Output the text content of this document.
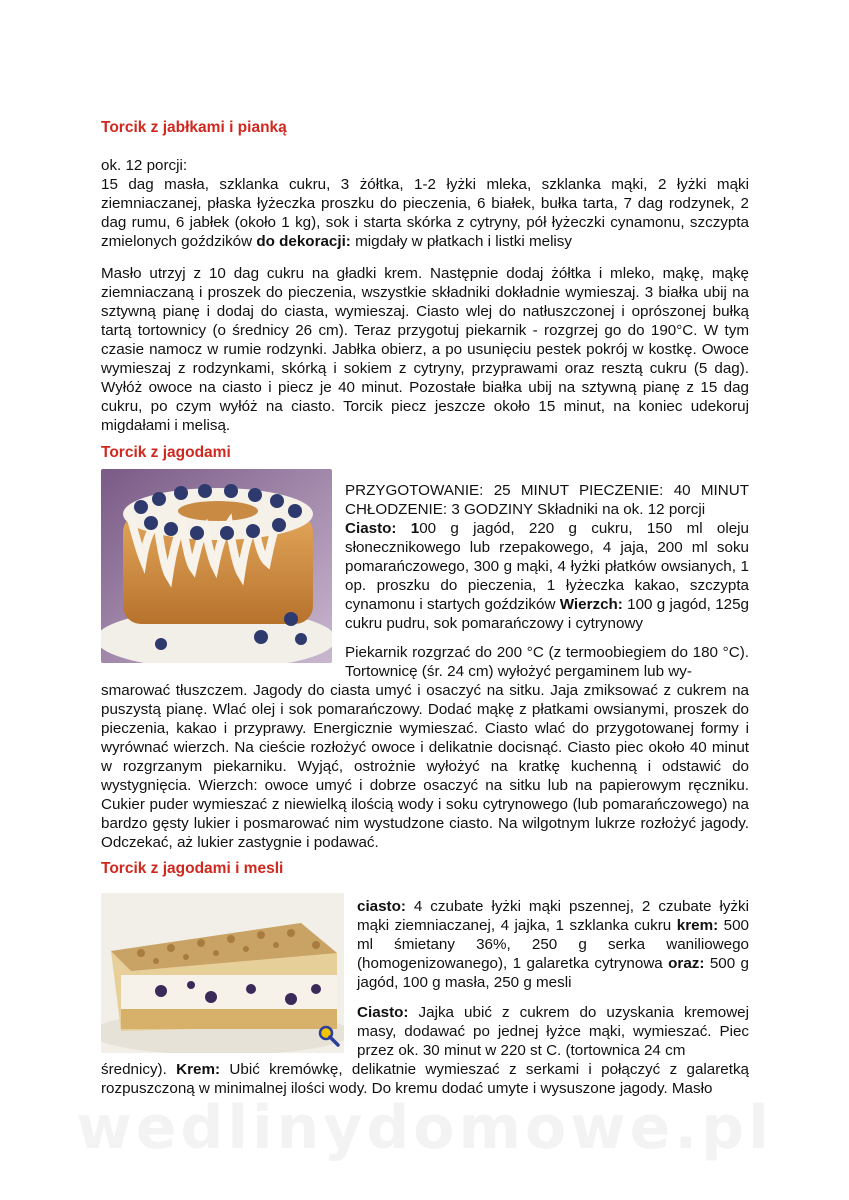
Torcik z jabłkami i pianką

ok. 12 porcji:

15 dag masła, szklanka cukru, 3 żółtka, 1-2 łyżki mleka, szklanka mąki, 2 łyżki mąki ziemniaczanej, płaska łyżeczka proszku do pieczenia, 6 białek, bułka tarta, 7 dag rodzynek, 2 dag rumu, 6 jabłek (około 1 kg), sok i starta skórka z cytryny, pół łyżeczki cynamonu, szczypta zmielonych goździków do dekoracji: migdały w płatkach i listki melisy

Masło utrzyj z 10 dag cukru na gładki krem. Następnie dodaj żółtka i mleko, mąkę, mąkę ziemniaczaną i proszek do pieczenia, wszystkie składniki dokładnie wymieszaj. 3 białka ubij na sztywną pianę i dodaj do ciasta, wymieszaj. Ciasto wlej do natłuszczonej i oprószonej bułką tartą tortownicy (o średnicy 26 cm). Teraz przygotuj piekarnik - rozgrzej go do 190°C. W tym czasie namocz w rumie rodzynki. Jabłka obierz, a po usunięciu pestek pokrój w kostkę. Owoce wymieszaj z rodzynkami, skórką i sokiem z cytryny, przyprawami oraz resztą cukru (5 dag). Wyłóż owoce na ciasto i piecz je 40 minut. Pozostałe białka ubij na sztywną pianę z 15 dag cukru, po czym wyłóż na ciasto. Torcik piecz jeszcze około 15 minut, na koniec udekoruj migdałami i melisą.

Torcik z jagodami

PRZYGOTOWANIE: 25 MINUT PIECZENIE: 40 MINUT CHŁODZENIE: 3 GODZINY Składniki na ok. 12 porcji

Ciasto: 100 g jagód, 220 g cukru, 150 ml oleju słonecznikowego lub rzepakowego, 4 jaja, 200 ml soku pomarańczowego, 300 g mąki, 4 łyżki płatków owsianych, 1 op. proszku do pieczenia, 1 łyżeczka kakao, szczypta cynamonu i startych goździków Wierzch: 100 g jagód, 125g cukru pudru, sok pomarańczowy i cytrynowy

Piekarnik rozgrzać do 200 °C (z termoobiegiem do 180 °C). Tortownicę (śr. 24 cm) wyłożyć pergaminem lub wy-

smarować tłuszczem. Jagody do ciasta umyć i osaczyć na sitku. Jaja zmiksować z cukrem na puszystą pianę. Wlać olej i sok pomarańczowy. Dodać mąkę z płatkami owsianymi, proszek do pieczenia, kakao i przyprawy. Energicznie wymieszać. Ciasto wlać do przygotowanej formy i wyrównać wierzch. Na cieście rozłożyć owoce i delikatnie docisnąć. Ciasto piec około 40 minut w rozgrzanym piekarniku. Wyjąć, ostrożnie wyłożyć na kratkę kuchenną i odstawić do wystygnięcia. Wierzch: owoce umyć i dobrze osaczyć na sitku lub na papierowym ręczniku. Cukier puder wymieszać z niewielką ilością wody i soku cytrynowego (lub pomarańczowego) na bardzo gęsty lukier i posmarować nim wystudzone ciasto. Na wilgotnym lukrze rozłożyć jagody. Odczekać, aż lukier zastygnie i podawać.

Torcik z jagodami i mesli

ciasto: 4 czubate łyżki mąki pszennej, 2 czubate łyżki mąki ziemniaczanej, 4 jajka, 1 szklanka cukru krem: 500 ml śmietany 36%, 250 g serka waniliowego (homogenizowanego), 1 galaretka cytrynowa oraz: 500 g jagód, 100 g masła, 250 g mesli

Ciasto: Jajka ubić z cukrem do uzyskania kremowej masy, dodawać po jednej łyżce mąki, wymieszać. Piec przez ok. 30 minut w 220 st C. (tortownica 24 cm

średnicy). Krem: Ubić kremówkę, delikatnie wymieszać z serkami i połączyć z galaretką rozpuszczoną w minimalnej ilości wody. Do kremu dodać umyte i wysuszone jagody. Masło

wedlinydomowe.pl
